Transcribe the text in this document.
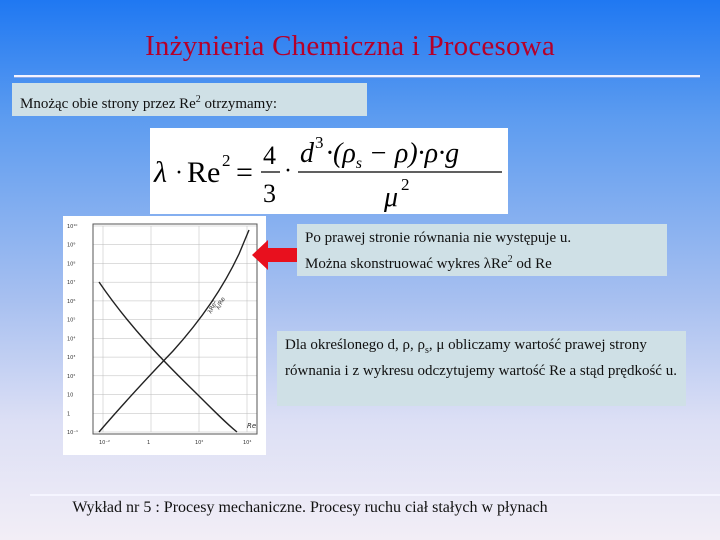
Inżynieria Chemiczna i Procesowa
Mnożąc obie strony przez Re$^2$ otrzymamy:
λ · Re 2 =
4
3
·
d $3 \cdot(\rho_s - \rho)\cdot\rho\cdot g$
μ 2
10¹⁰
10⁹
10⁸
10⁷
10⁶
10⁵
10⁴
10³
10²
10
1
10⁻¹
10⁻²	1	10²	10⁴
λRe²
λ/Re
Re
Po prawej stronie równania nie występuje u.
Można skonstruować wykres λRe$^2$ od Re
Dla określonego d, ρ, $\rho_s$, μ obliczamy wartość prawej strony równania i z wykresu odczytujemy wartość Re a stąd prędkość u.
Wykład nr 5 : Procesy mechaniczne. Procesy ruchu ciał stałych w płynach
